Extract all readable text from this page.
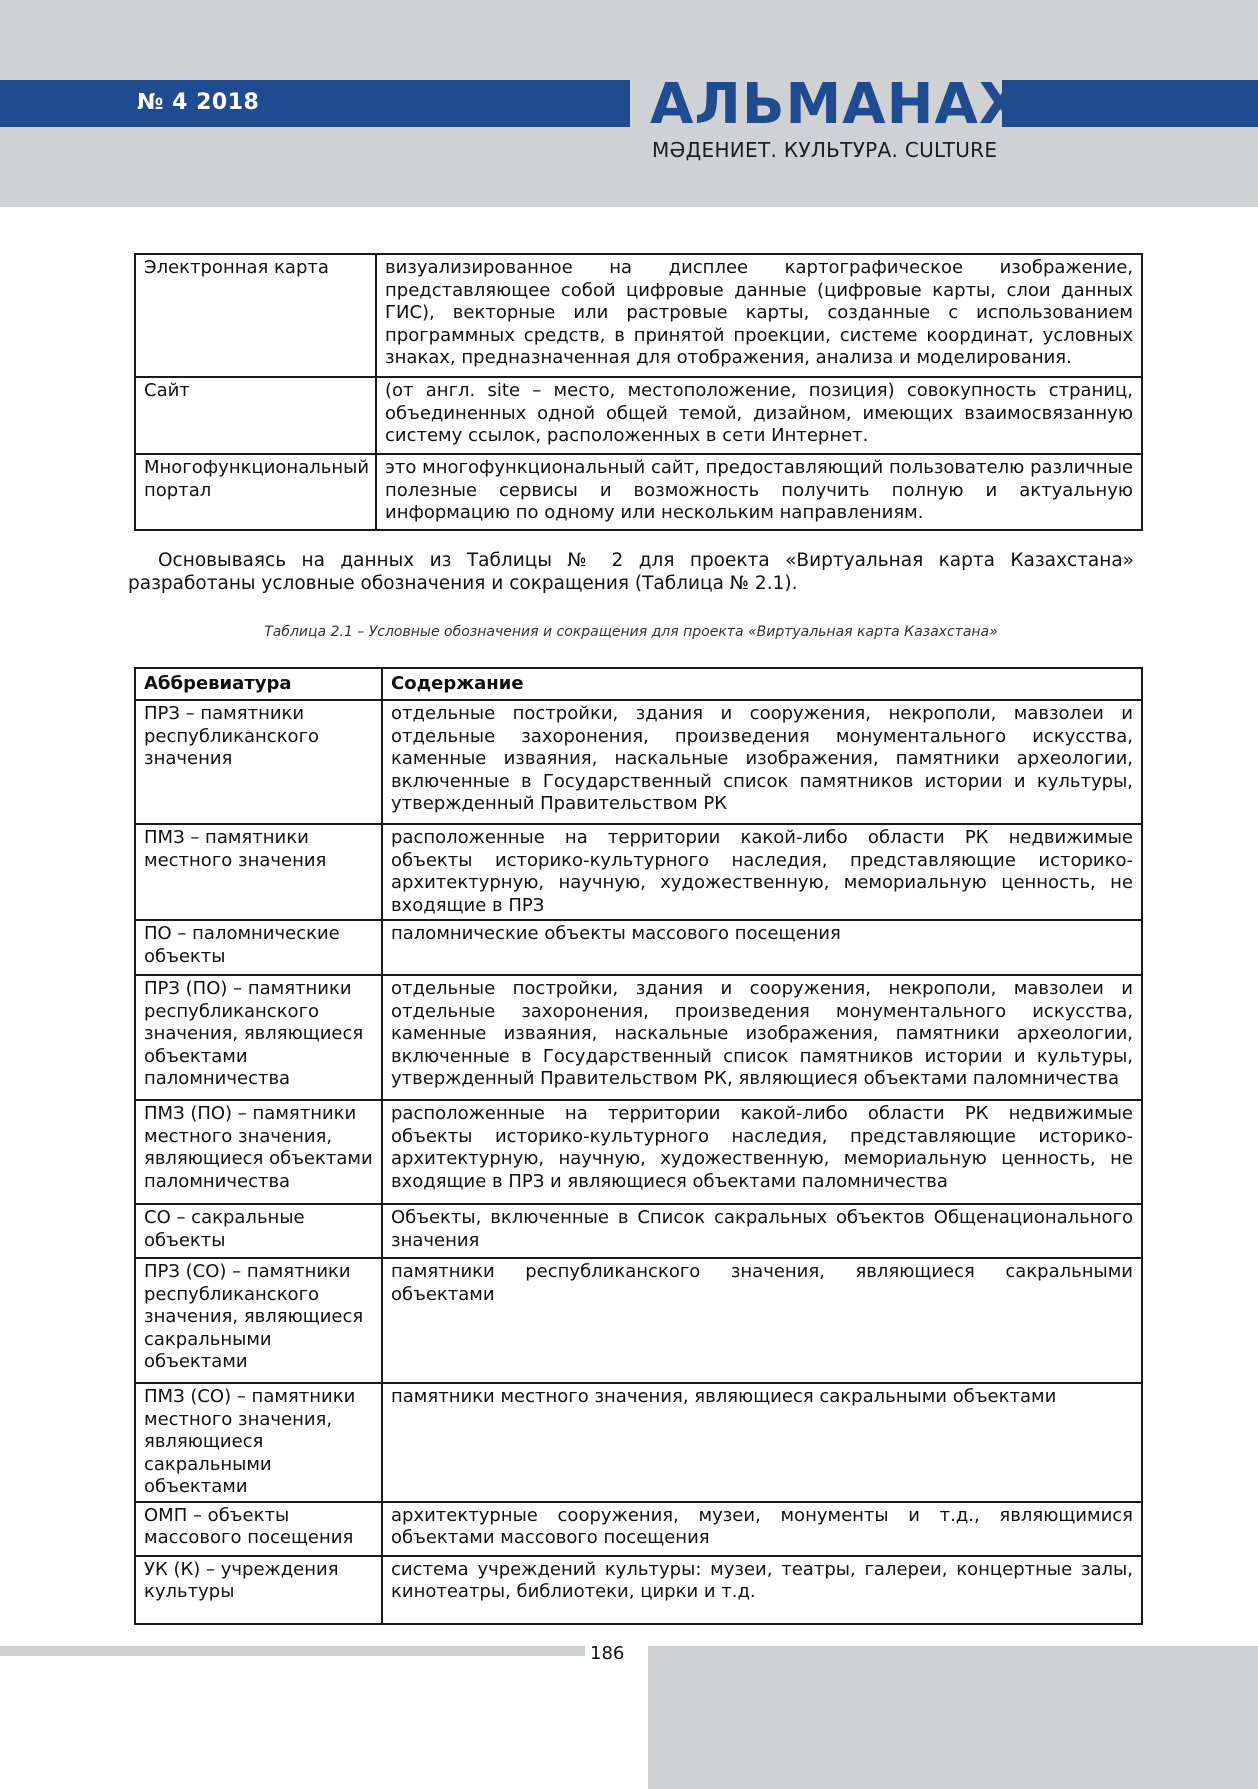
№ 4 2018	АЛЬМАНАХ
МӘДЕНИЕТ. КУЛЬТУРА. CULTURE
Электронная карта	визуализированное на дисплее картографическое изображение, представляющее собой цифровые данные (цифровые карты, слои данных ГИС), векторные или растровые карты, созданные с использованием программных средств, в принятой проекции, системе координат, условных знаках, предназначенная для отображения, анализа и моделирования.
Сайт	(от англ. site – место, местоположение, позиция) совокупность страниц, объединенных одной общей темой, дизайном, имеющих взаимосвязанную систему ссылок, расположенных в сети Интернет.
Многофункциональный портал	это многофункциональный сайт, предоставляющий пользователю различные полезные сервисы и возможность получить полную и актуальную информацию по одному или нескольким направлениям.

Основываясь на данных из Таблицы № 2 для проекта «Виртуальная карта Казахстана» разработаны условные обозначения и сокращения (Таблица № 2.1).

Таблица 2.1 – Условные обозначения и сокращения для проекта «Виртуальная карта Казахстана»

Аббревиатура	Содержание
ПРЗ – памятники республиканского значения	отдельные постройки, здания и сооружения, некрополи, мавзолеи и отдельные захоронения, произведения монументального искусства, каменные изваяния, наскальные изображения, памятники археологии, включенные в Государственный список памятников истории и культуры, утвержденный Правительством РК
ПМЗ – памятники местного значения	расположенные на территории какой-либо области РК недвижимые объекты историко-культурного наследия, представляющие историко-архитектурную, научную, художественную, мемориальную ценность, не входящие в ПРЗ
ПО – паломнические объекты	паломнические объекты массового посещения
ПРЗ (ПО) – памятники республиканского значения, являющиеся объектами паломничества	отдельные постройки, здания и сооружения, некрополи, мавзолеи и отдельные захоронения, произведения монументального искусства, каменные изваяния, наскальные изображения, памятники археологии, включенные в Государственный список памятников истории и культуры, утвержденный Правительством РК, являющиеся объектами паломничества
ПМЗ (ПО) – памятники местного значения, являющиеся объектами паломничества	расположенные на территории какой-либо области РК недвижимые объекты историко-культурного наследия, представляющие историко-архитектурную, научную, художественную, мемориальную ценность, не входящие в ПРЗ и являющиеся объектами паломничества
СО – сакральные объекты	Объекты, включенные в Список сакральных объектов Общенационального значения
ПРЗ (СО) – памятники республиканского значения, являющиеся сакральными объектами	памятники республиканского значения, являющиеся сакральными объектами
ПМЗ (СО) – памятники местного значения, являющиеся сакральными объектами	памятники местного значения, являющиеся сакральными объектами
ОМП – объекты массового посещения	архитектурные сооружения, музеи, монументы и т.д., являющимися объектами массового посещения
УК (К) – учреждения культуры	система учреждений культуры: музеи, театры, галереи, концертные залы, кинотеатры, библиотеки, цирки и т.д.
186
